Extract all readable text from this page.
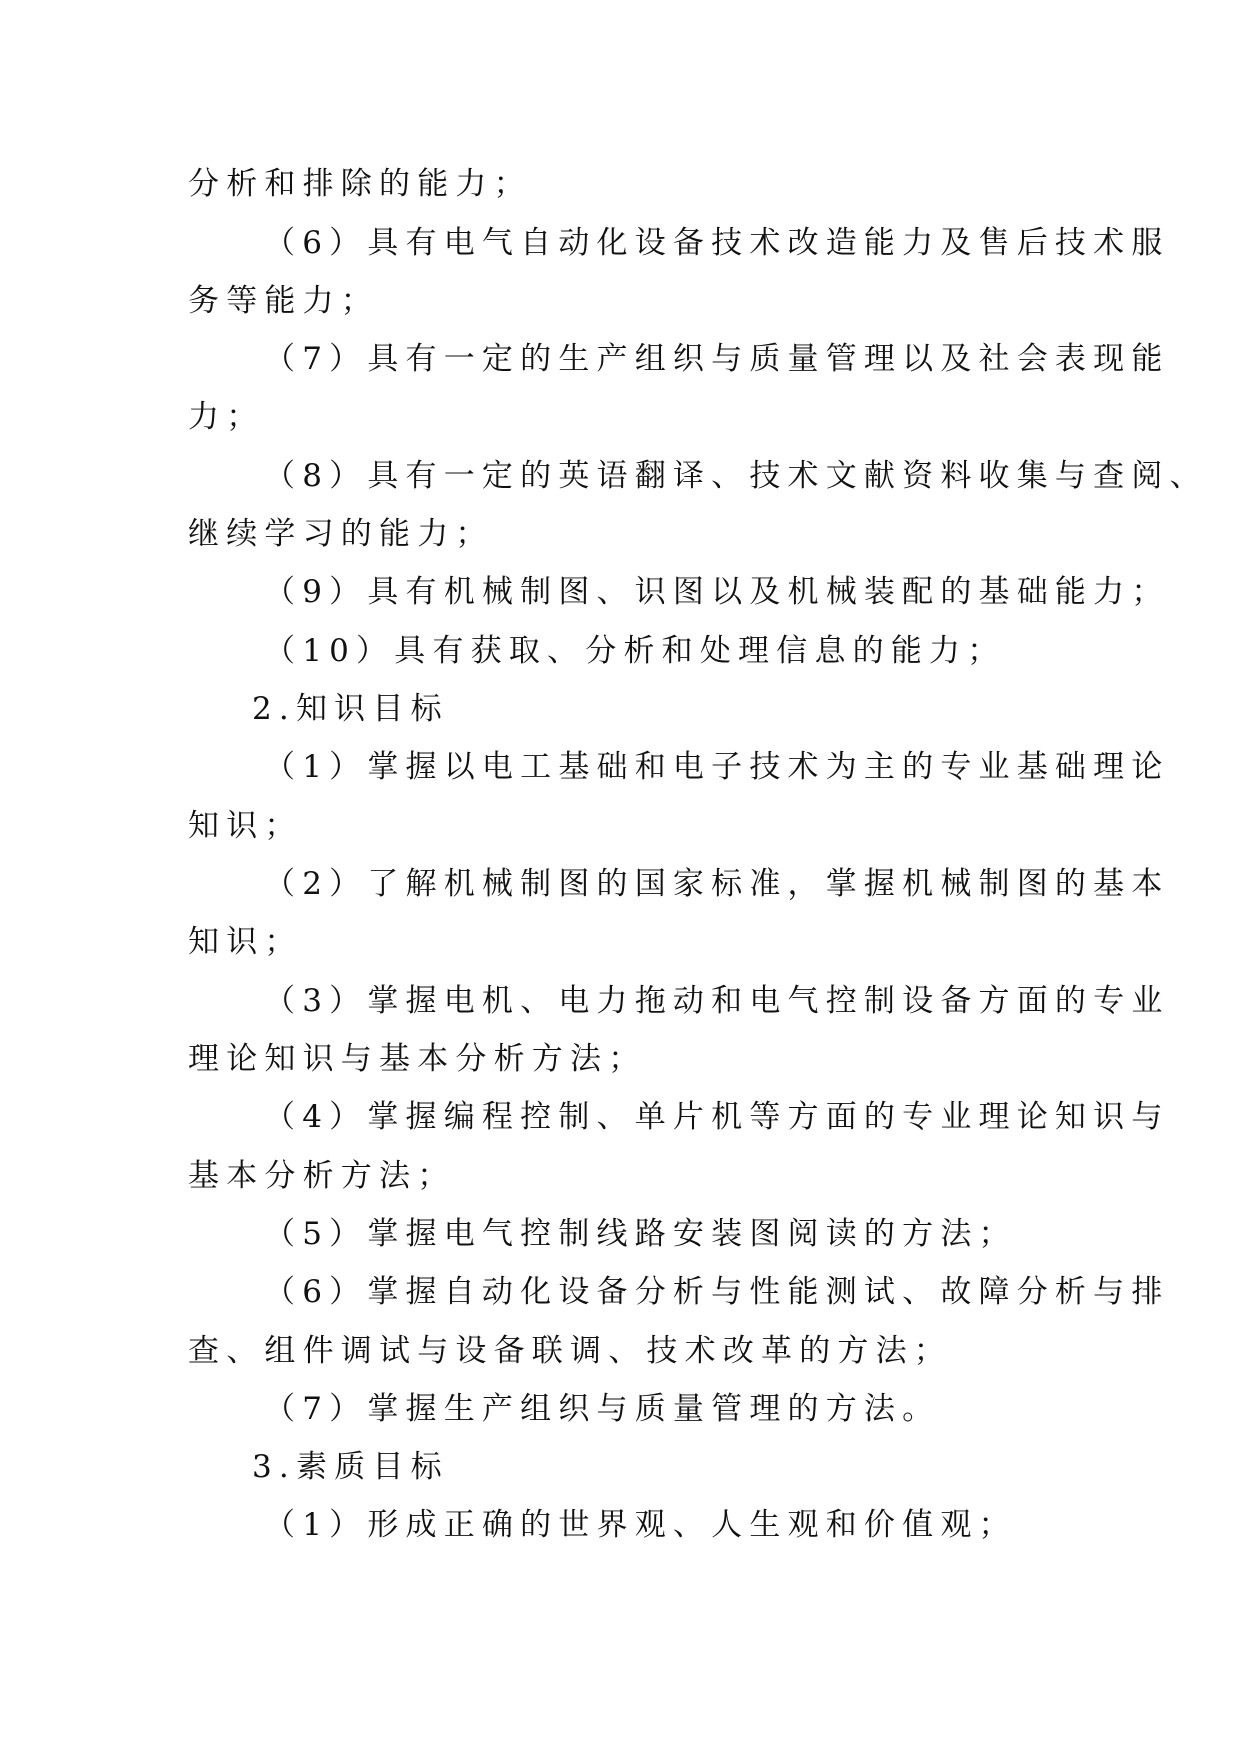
分析和排除的能力；
（6）具有电气自动化设备技术改造能力及售后技术服
务等能力；
（7）具有一定的生产组织与质量管理以及社会表现能
力；
（8）具有一定的英语翻译、技术文献资料收集与查阅、
继续学习的能力；
（9）具有机械制图、识图以及机械装配的基础能力；
（10）具有获取、分析和处理信息的能力；
2.知识目标
（1）掌握以电工基础和电子技术为主的专业基础理论
知识；
（2）了解机械制图的国家标准，掌握机械制图的基本
知识；
（3）掌握电机、电力拖动和电气控制设备方面的专业
理论知识与基本分析方法；
（4）掌握编程控制、单片机等方面的专业理论知识与
基本分析方法；
（5）掌握电气控制线路安装图阅读的方法；
（6）掌握自动化设备分析与性能测试、故障分析与排
查、组件调试与设备联调、技术改革的方法；
（7）掌握生产组织与质量管理的方法。
3.素质目标
（1）形成正确的世界观、人生观和价值观；
